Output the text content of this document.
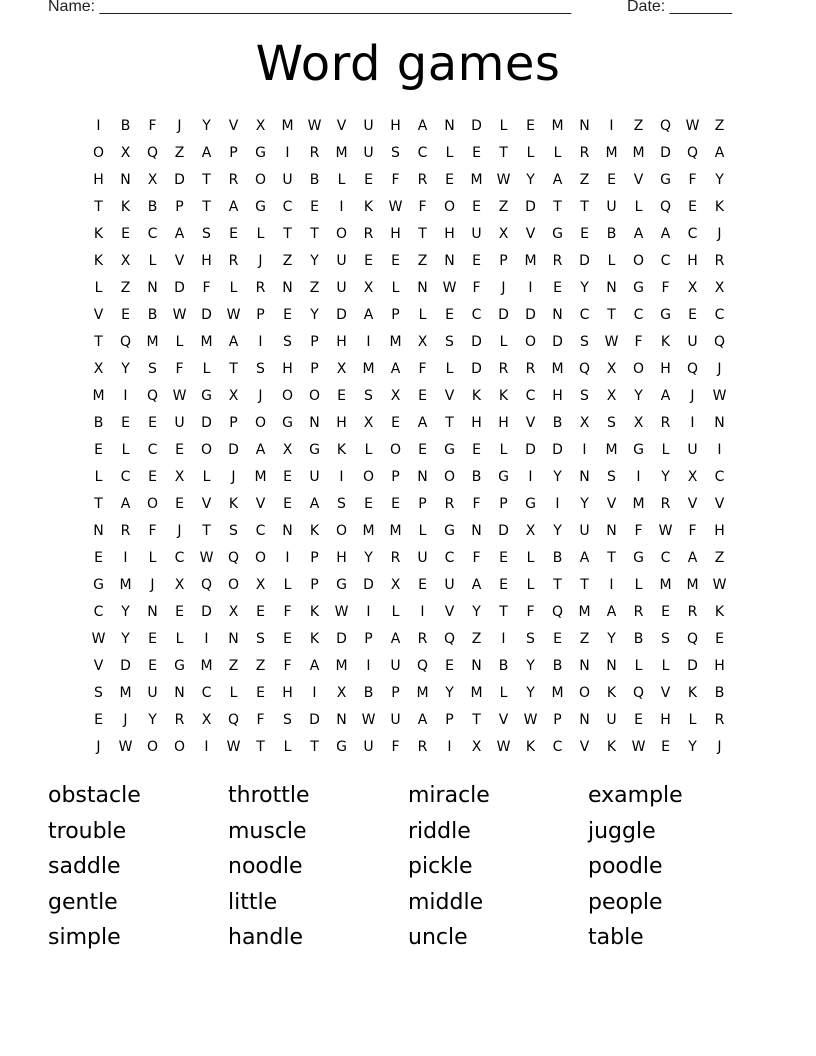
Name: _____________________________________________________	Date: _______
Word games
I	B	F	J	Y	V	X	M	W	V	U	H	A	N	D	L	E	M	N	I	Z	Q	W	Z
O	X	Q	Z	A	P	G	I	R	M	U	S	C	L	E	T	L	L	R	M	M	D	Q	A
H	N	X	D	T	R	O	U	B	L	E	F	R	E	M	W	Y	A	Z	E	V	G	F	Y
T	K	B	P	T	A	G	C	E	I	K	W	F	O	E	Z	D	T	T	U	L	Q	E	K
K	E	C	A	S	E	L	T	T	O	R	H	T	H	U	X	V	G	E	B	A	A	C	J
K	X	L	V	H	R	J	Z	Y	U	E	E	Z	N	E	P	M	R	D	L	O	C	H	R
L	Z	N	D	F	L	R	N	Z	U	X	L	N	W	F	J	I	E	Y	N	G	F	X	X
V	E	B	W	D	W	P	E	Y	D	A	P	L	E	C	D	D	N	C	T	C	G	E	C
T	Q	M	L	M	A	I	S	P	H	I	M	X	S	D	L	O	D	S	W	F	K	U	Q
X	Y	S	F	L	T	S	H	P	X	M	A	F	L	D	R	R	M	Q	X	O	H	Q	J
M	I	Q	W	G	X	J	O	O	E	S	X	E	V	K	K	C	H	S	X	Y	A	J	W
B	E	E	U	D	P	O	G	N	H	X	E	A	T	H	H	V	B	X	S	X	R	I	N
E	L	C	E	O	D	A	X	G	K	L	O	E	G	E	L	D	D	I	M	G	L	U	I
L	C	E	X	L	J	M	E	U	I	O	P	N	O	B	G	I	Y	N	S	I	Y	X	C
T	A	O	E	V	K	V	E	A	S	E	E	P	R	F	P	G	I	Y	V	M	R	V	V
N	R	F	J	T	S	C	N	K	O	M	M	L	G	N	D	X	Y	U	N	F	W	F	H
E	I	L	C	W	Q	O	I	P	H	Y	R	U	C	F	E	L	B	A	T	G	C	A	Z
G	M	J	X	Q	O	X	L	P	G	D	X	E	U	A	E	L	T	T	I	L	M	M	W
C	Y	N	E	D	X	E	F	K	W	I	L	I	V	Y	T	F	Q	M	A	R	E	R	K
W	Y	E	L	I	N	S	E	K	D	P	A	R	Q	Z	I	S	E	Z	Y	B	S	Q	E
V	D	E	G	M	Z	Z	F	A	M	I	U	Q	E	N	B	Y	B	N	N	L	L	D	H
S	M	U	N	C	L	E	H	I	X	B	P	M	Y	M	L	Y	M	O	K	Q	V	K	B
E	J	Y	R	X	Q	F	S	D	N	W	U	A	P	T	V	W	P	N	U	E	H	L	R
J	W	O	O	I	W	T	L	T	G	U	F	R	I	X	W	K	C	V	K	W	E	Y	J
obstacle	throttle	miracle	example
trouble	muscle	riddle	juggle
saddle	noodle	pickle	poodle
gentle	little	middle	people
simple	handle	uncle	table
